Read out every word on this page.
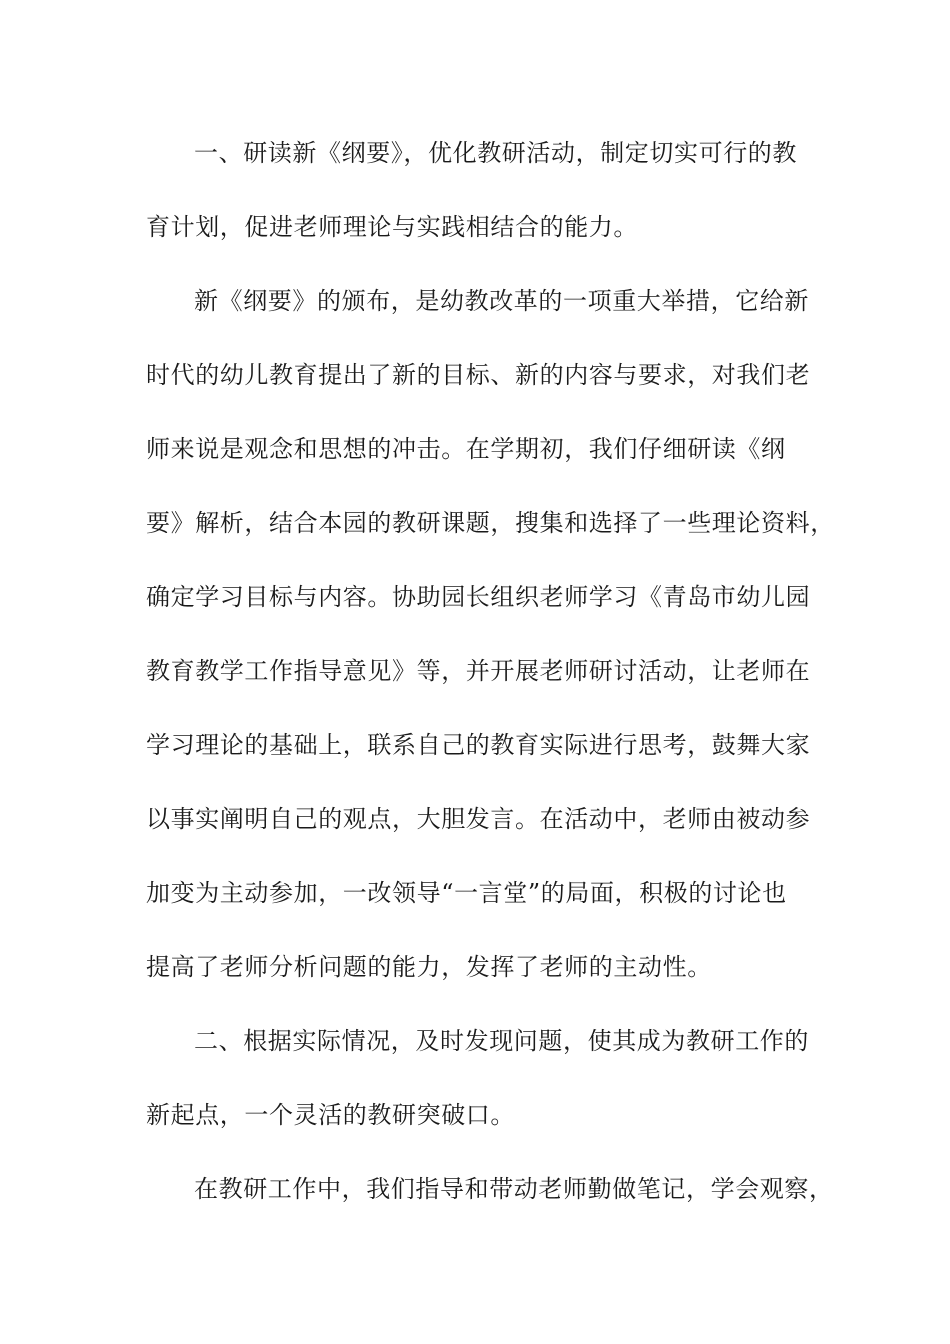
一、研读新《纲要》，优化教研活动，制定切实可行的教
育计划，促进老师理论与实践相结合的能力。
新《纲要》的颁布，是幼教改革的一项重大举措，它给新
时代的幼儿教育提出了新的目标、新的内容与要求，对我们老
师来说是观念和思想的冲击。在学期初，我们仔细研读《纲
要》解析，结合本园的教研课题，搜集和选择了一些理论资料，
确定学习目标与内容。协助园长组织老师学习《青岛市幼儿园
教育教学工作指导意见》等，并开展老师研讨活动，让老师在
学习理论的基础上，联系自己的教育实际进行思考，鼓舞大家
以事实阐明自己的观点，大胆发言。在活动中，老师由被动参
加变为主动参加，一改领导“一言堂”的局面，积极的讨论也
提高了老师分析问题的能力，发挥了老师的主动性。
二、根据实际情况，及时发现问题，使其成为教研工作的
新起点，一个灵活的教研突破口。
在教研工作中，我们指导和带动老师勤做笔记，学会观察，
